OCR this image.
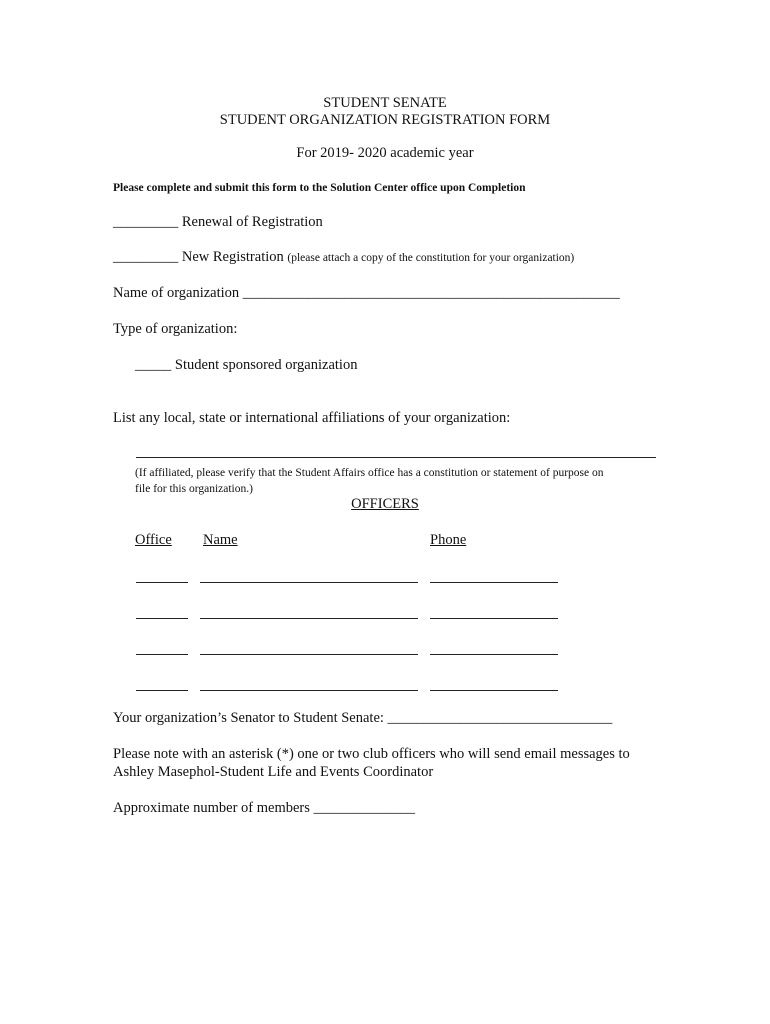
STUDENT SENATE
STUDENT ORGANIZATION REGISTRATION FORM
For 2019- 2020 academic year
Please complete and submit this form to the Solution Center office upon Completion
_________ Renewal of Registration
_________ New Registration (please attach a copy of the constitution for your organization)
Name of organization ____________________________________________________
Type of organization:
_____ Student sponsored organization
List any local, state or international affiliations of your organization:
(If affiliated, please verify that the Student Affairs office has a constitution or statement of purpose on
file for this organization.)
OFFICERS
Office Name	Phone
Your organization’s Senator to Student Senate: _______________________________
Please note with an asterisk (*) one or two club officers who will send email messages to
Ashley Masephol-Student Life and Events Coordinator
Approximate number of members ______________
